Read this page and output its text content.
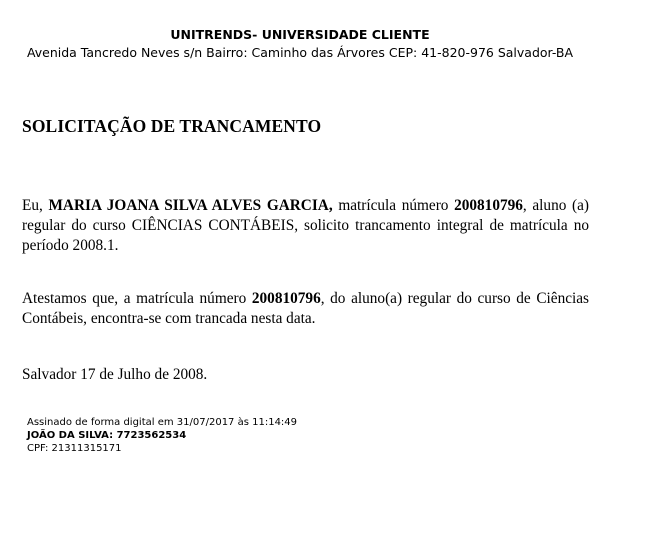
UNITRENDS- UNIVERSIDADE CLIENTE
Avenida Tancredo Neves s/n Bairro: Caminho das Árvores CEP: 41-820-976 Salvador-BA
SOLICITAÇÃO DE TRANCAMENTO
Eu, MARIA JOANA SILVA ALVES GARCIA, matrícula número 200810796, aluno (a) regular do curso CIÊNCIAS CONTÁBEIS, solicito trancamento integral de matrícula no período 2008.1.
Atestamos que, a matrícula número 200810796, do aluno(a) regular do curso de Ciências Contábeis, encontra-se com trancada nesta data.
Salvador 17 de Julho de 2008.
Assinado de forma digital em 31/07/2017 às 11:14:49
JOÃO DA SILVA: 7723562534
CPF: 21311315171
